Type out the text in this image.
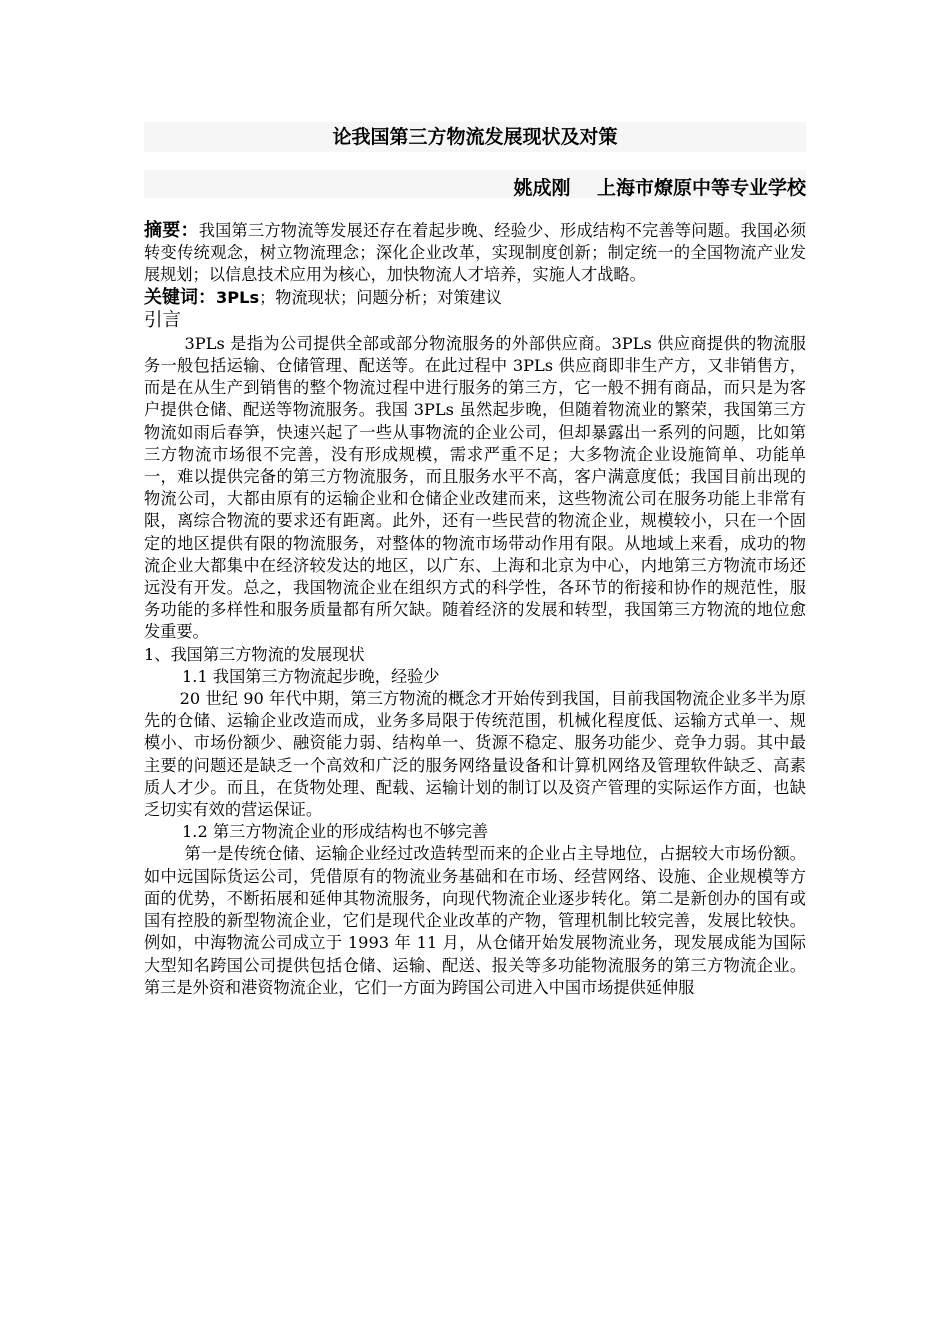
论我国第三方物流发展现状及对策
姚成刚    上海市燎原中等专业学校

摘要：我国第三方物流等发展还存在着起步晚、经验少、形成结构不完善等问题。我国必须转变传统观念，树立物流理念；深化企业改革，实现制度创新；制定统一的全国物流产业发展规划；以信息技术应用为核心，加快物流人才培养，实施人才战略。

关键词：3PLs；物流现状；问题分析；对策建议

引言

3PLs 是指为公司提供全部或部分物流服务的外部供应商。3PLs 供应商提供的物流服务一般包括运输、仓储管理、配送等。在此过程中 3PLs 供应商即非生产方，又非销售方，而是在从生产到销售的整个物流过程中进行服务的第三方，它一般不拥有商品，而只是为客户提供仓储、配送等物流服务。我国 3PLs 虽然起步晚，但随着物流业的繁荣，我国第三方物流如雨后春笋，快速兴起了一些从事物流的企业公司，但却暴露出一系列的问题，比如第三方物流市场很不完善，没有形成规模，需求严重不足；大多物流企业设施简单、功能单一，难以提供完备的第三方物流服务，而且服务水平不高，客户满意度低；我国目前出现的物流公司，大都由原有的运输企业和仓储企业改建而来，这些物流公司在服务功能上非常有限，离综合物流的要求还有距离。此外，还有一些民营的物流企业，规模较小，只在一个固定的地区提供有限的物流服务，对整体的物流市场带动作用有限。从地域上来看，成功的物流企业大都集中在经济较发达的地区，以广东、上海和北京为中心，内地第三方物流市场还远没有开发。总之，我国物流企业在组织方式的科学性，各环节的衔接和协作的规范性，服务功能的多样性和服务质量都有所欠缺。随着经济的发展和转型，我国第三方物流的地位愈发重要。

1、我国第三方物流的发展现状

1.1 我国第三方物流起步晚，经验少

20 世纪 90 年代中期，第三方物流的概念才开始传到我国，目前我国物流企业多半为原先的仓储、运输企业改造而成，业务多局限于传统范围，机械化程度低、运输方式单一、规模小、市场份额少、融资能力弱、结构单一、货源不稳定、服务功能少、竞争力弱。其中最主要的问题还是缺乏一个高效和广泛的服务网络量设备和计算机网络及管理软件缺乏、高素质人才少。而且，在货物处理、配载、运输计划的制订以及资产管理的实际运作方面，也缺乏切实有效的营运保证。

1.2 第三方物流企业的形成结构也不够完善

第一是传统仓储、运输企业经过改造转型而来的企业占主导地位，占据较大市场份额。如中远国际货运公司，凭借原有的物流业务基础和在市场、经营网络、设施、企业规模等方面的优势，不断拓展和延伸其物流服务，向现代物流企业逐步转化。第二是新创办的国有或国有控股的新型物流企业，它们是现代企业改革的产物，管理机制比较完善，发展比较快。例如，中海物流公司成立于 1993 年 11 月，从仓储开始发展物流业务，现发展成能为国际大型知名跨国公司提供包括仓储、运输、配送、报关等多功能物流服务的第三方物流企业。第三是外资和港资物流企业，它们一方面为跨国公司进入中国市场提供延伸服
